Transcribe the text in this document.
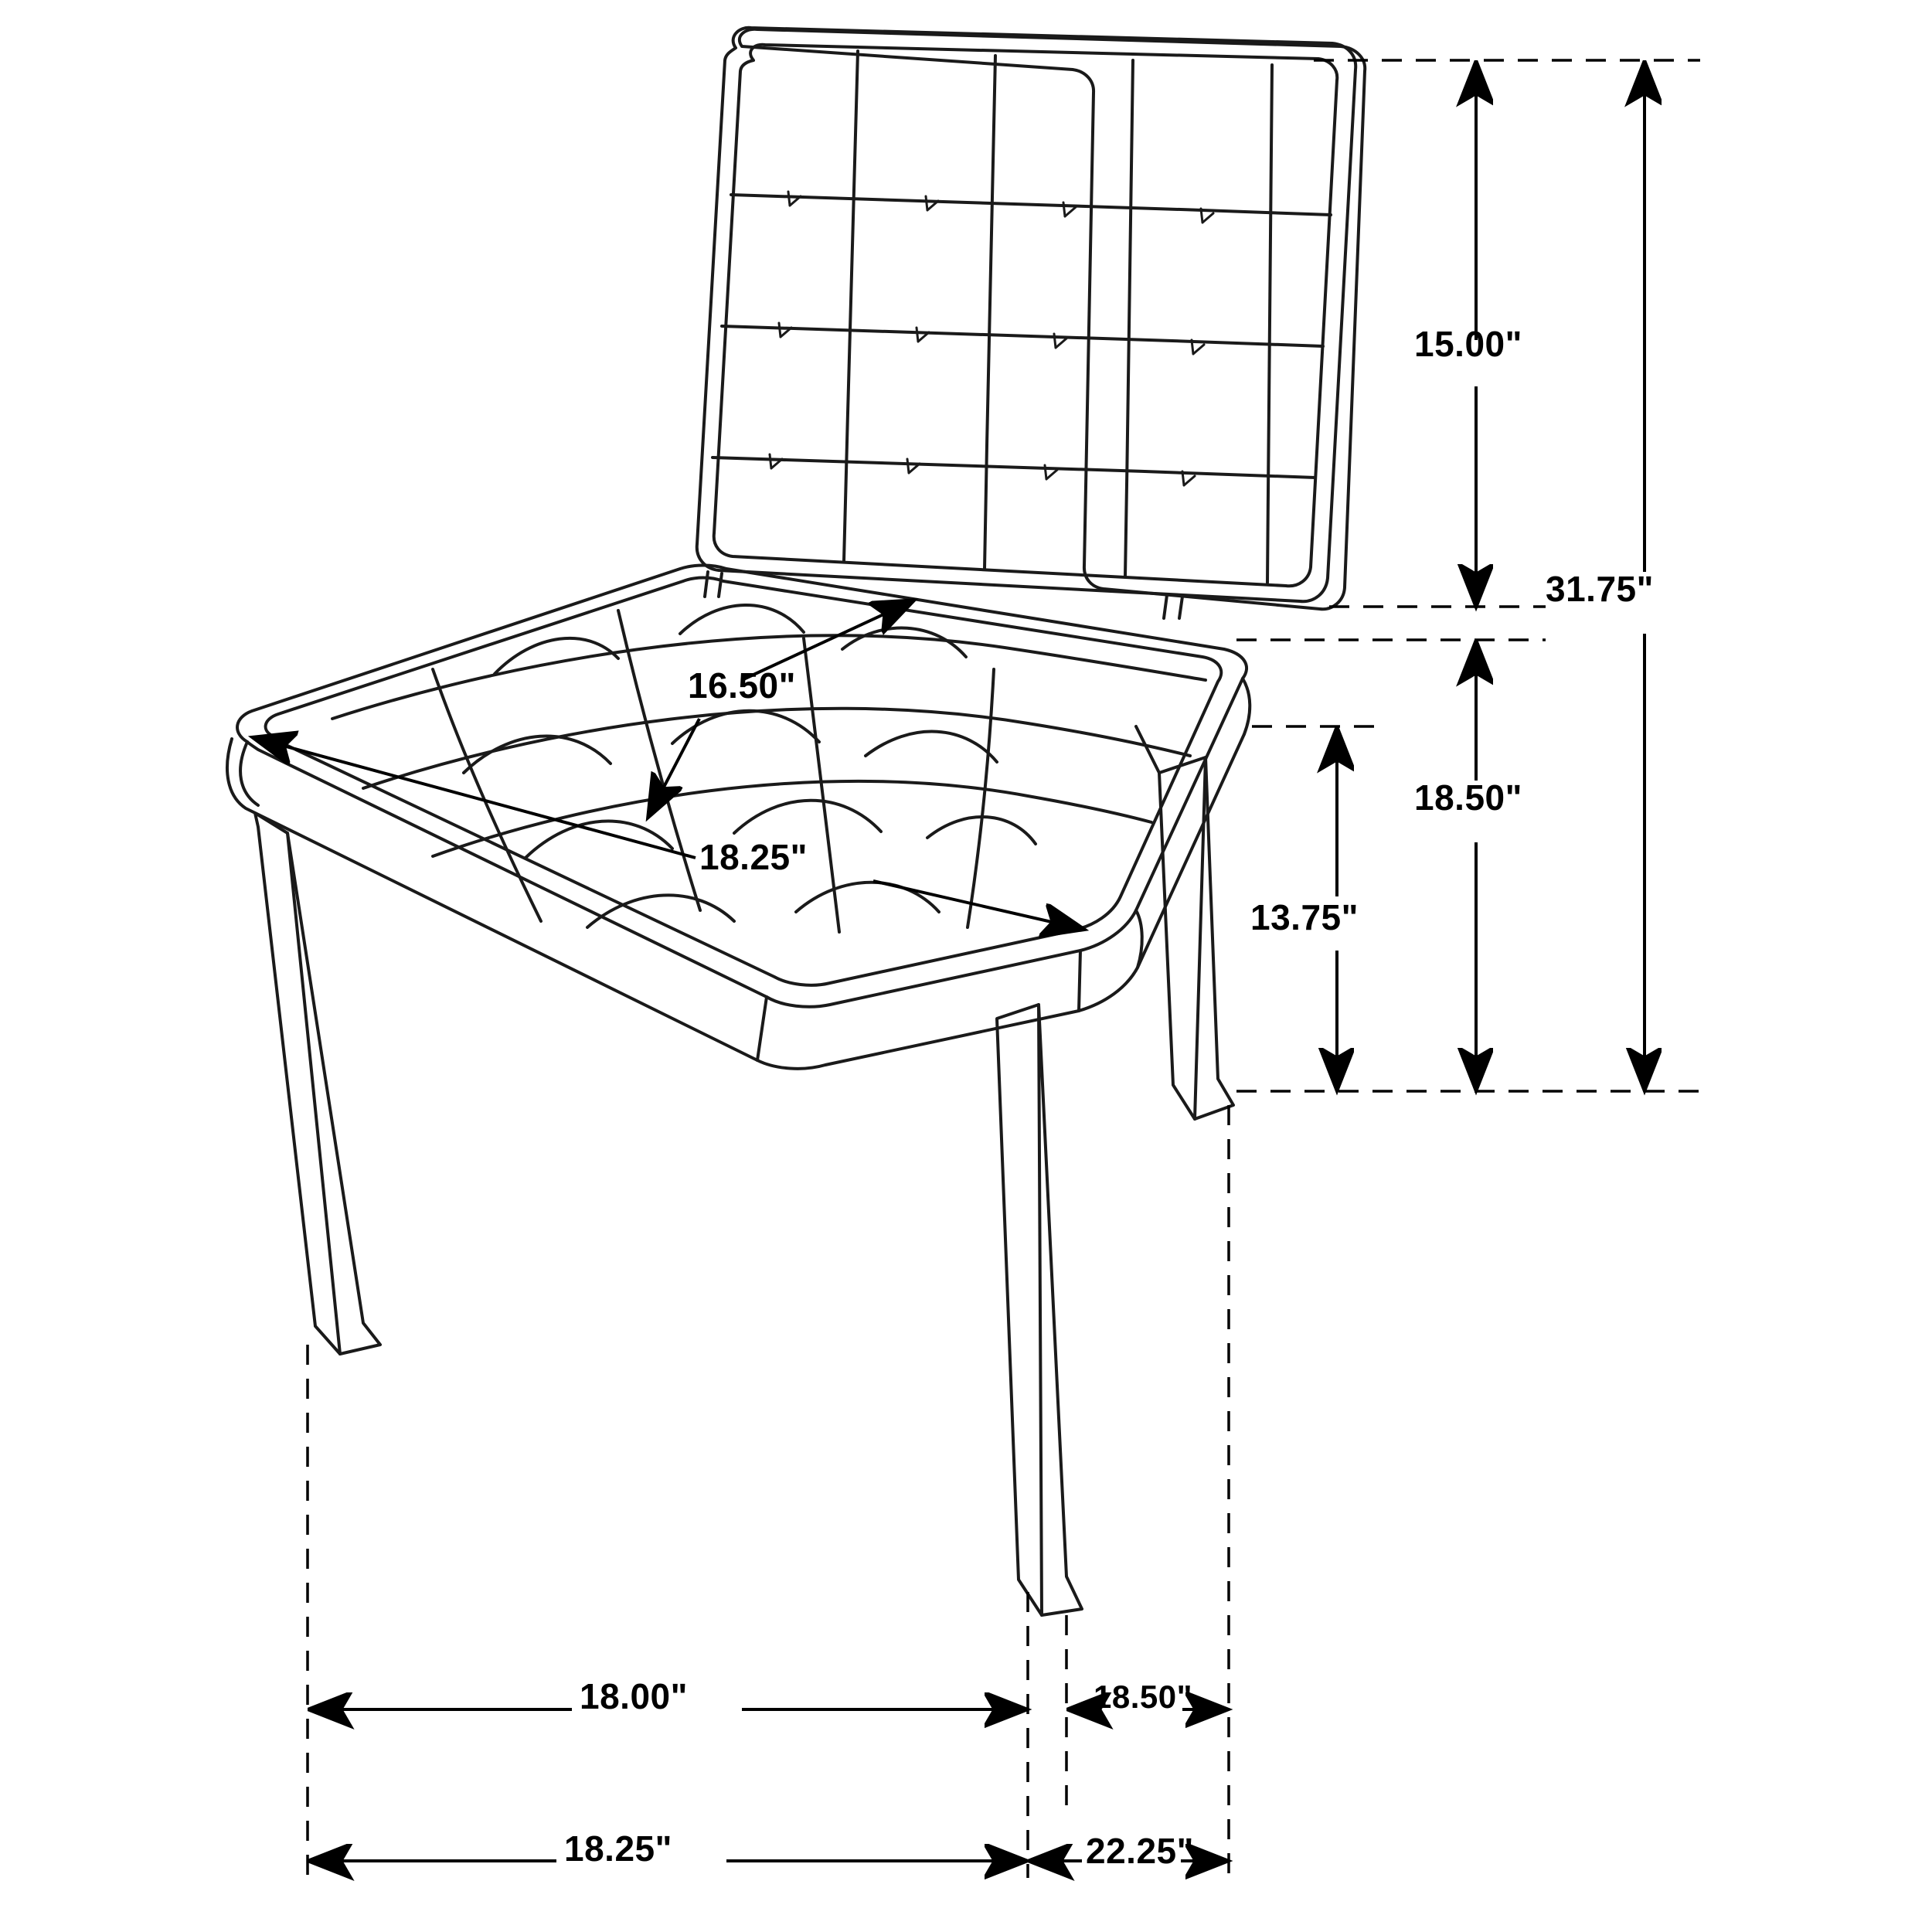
15.00"
31.75"
16.50"
18.25"
18.50"
13.75"
18.00"	18.50"
18.25"	22.25"
